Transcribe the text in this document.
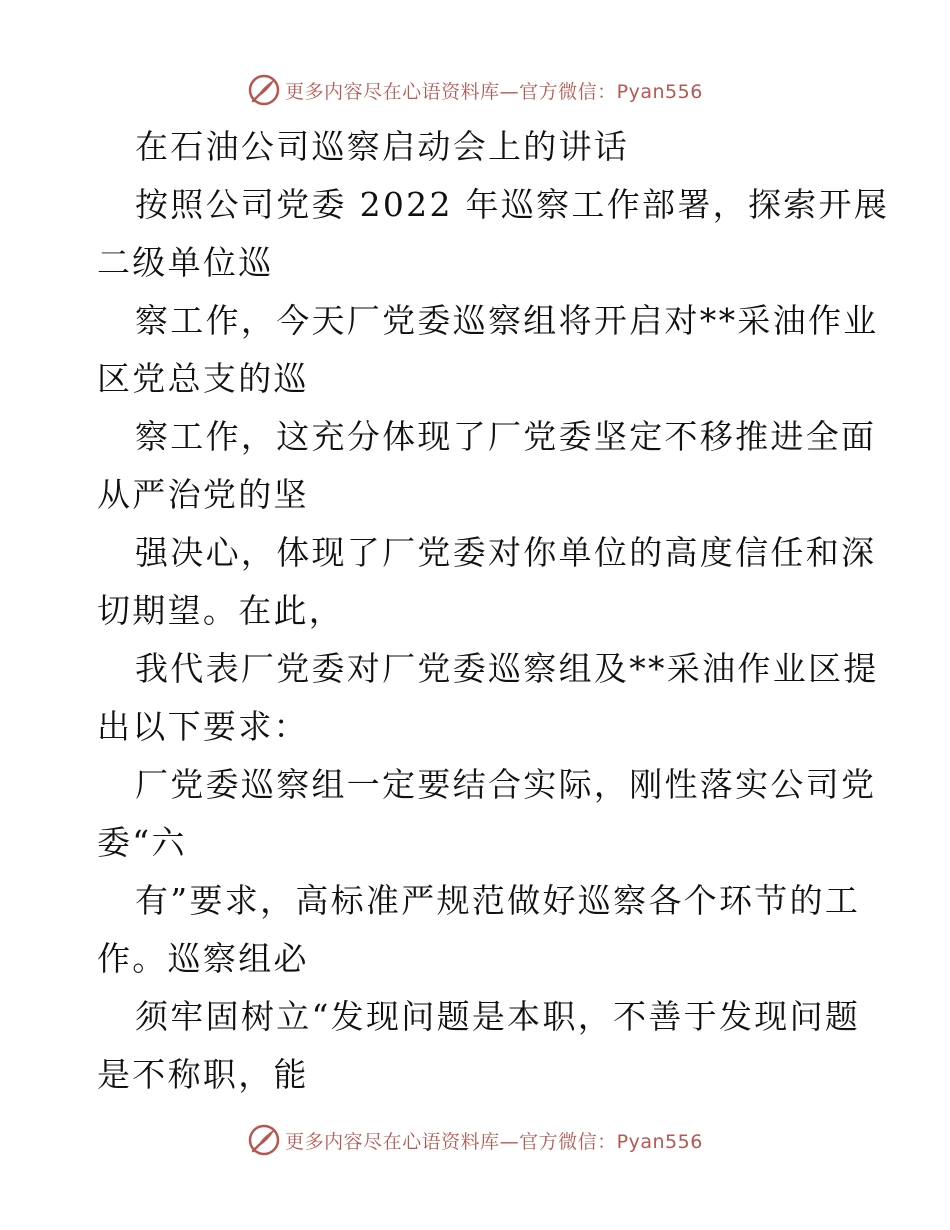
更多内容尽在心语资料库—官方微信：Pyan556
在石油公司巡察启动会上的讲话
按照公司党委 2022 年巡察工作部署，探索开展
二级单位巡
察工作，今天厂党委巡察组将开启对**采油作业
区党总支的巡
察工作，这充分体现了厂党委坚定不移推进全面
从严治党的坚
强决心，体现了厂党委对你单位的高度信任和深
切期望。在此，
我代表厂党委对厂党委巡察组及**采油作业区提
出以下要求：
厂党委巡察组一定要结合实际，刚性落实公司党
委“六
有”要求，高标准严规范做好巡察各个环节的工
作。巡察组必
须牢固树立“发现问题是本职，不善于发现问题
是不称职，能
更多内容尽在心语资料库—官方微信：Pyan556
